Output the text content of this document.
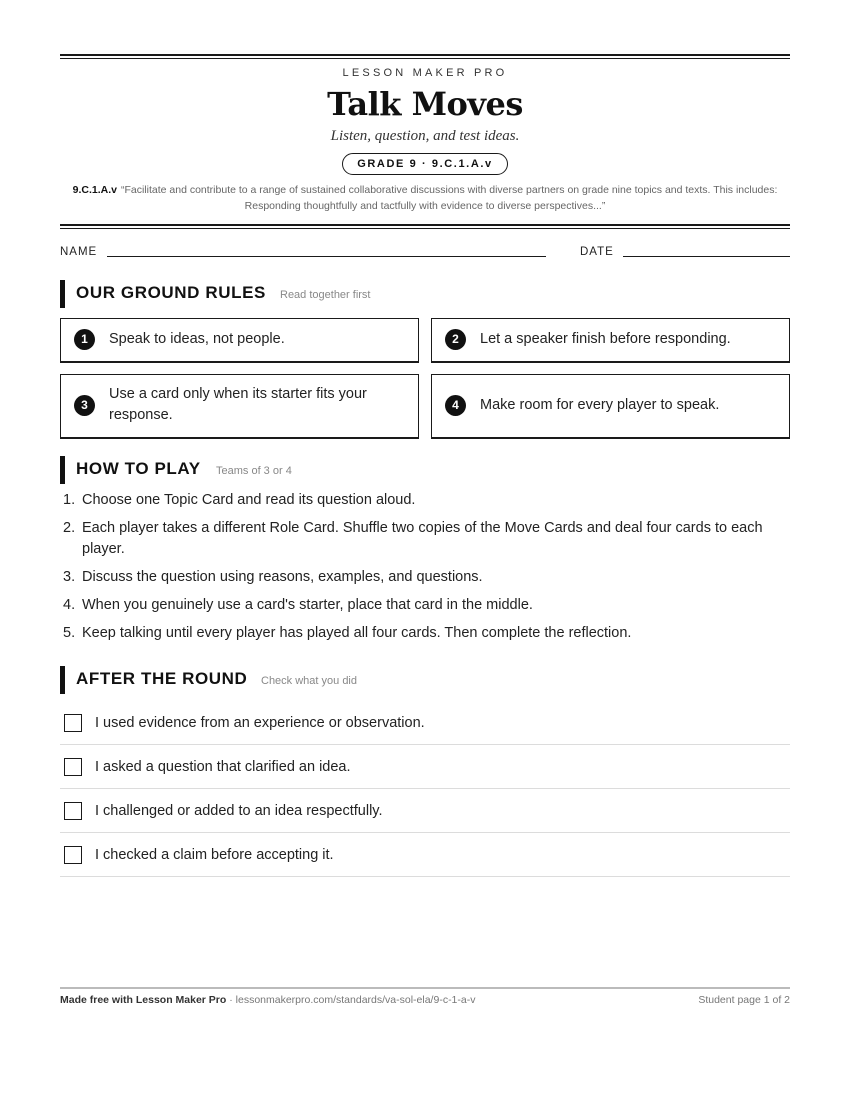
LESSON MAKER PRO
Talk Moves
Listen, question, and test ideas.
GRADE 9 · 9.C.1.A.v
9.C.1.A.v “Facilitate and contribute to a range of sustained collaborative discussions with diverse partners on grade nine topics and texts. This includes: Responding thoughtfully and tactfully with evidence to diverse perspectives...”
NAME	DATE
OUR GROUND RULES Read together first
1	Speak to ideas, not people.	2	Let a speaker finish before responding.
3
Use a card only when its starter fits your response.
4	Make room for every player to speak.
HOW TO PLAY Teams of 3 or 4
1. Choose one Topic Card and read its question aloud.
2. Each player takes a different Role Card. Shuffle two copies of the Move Cards and deal four cards to each player.
3. Discuss the question using reasons, examples, and questions.
4. When you genuinely use a card's starter, place that card in the middle.
5. Keep talking until every player has played all four cards. Then complete the reflection.
AFTER THE ROUND Check what you did
I used evidence from an experience or observation.
I asked a question that clarified an idea.
I challenged or added to an idea respectfully.
I checked a claim before accepting it.
Made free with Lesson Maker Pro · lessonmakerpro.com/standards/va-sol-ela/9-c-1-a-v	Student page 1 of 2
